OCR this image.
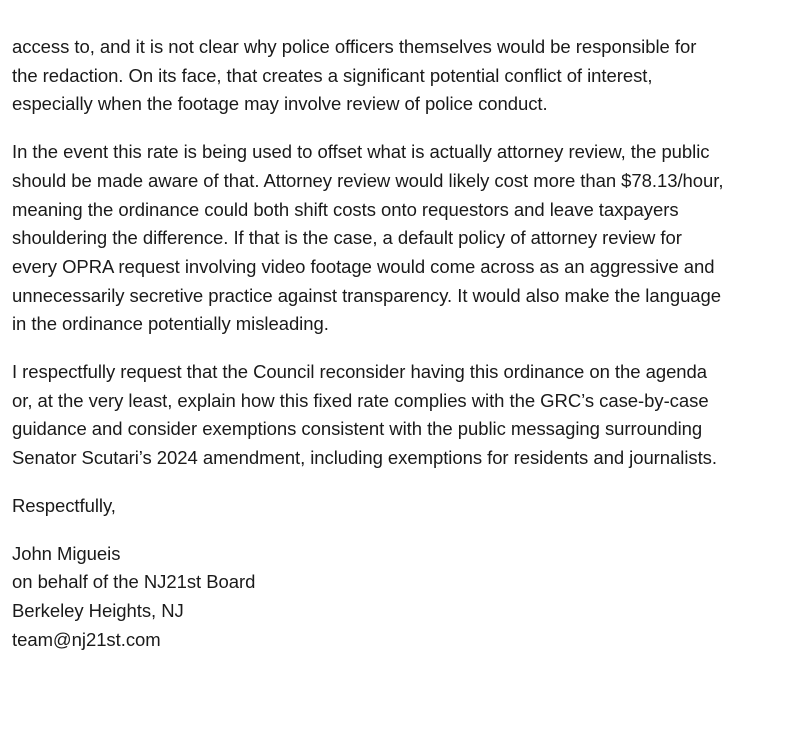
access to, and it is not clear why police officers themselves would be responsible for
the redaction. On its face, that creates a significant potential conflict of interest,
especially when the footage may involve review of police conduct.

In the event this rate is being used to offset what is actually attorney review, the public
should be made aware of that. Attorney review would likely cost more than $78.13/hour,
meaning the ordinance could both shift costs onto requestors and leave taxpayers
shouldering the difference. If that is the case, a default policy of attorney review for
every OPRA request involving video footage would come across as an aggressive and
unnecessarily secretive practice against transparency. It would also make the language
in the ordinance potentially misleading.

I respectfully request that the Council reconsider having this ordinance on the agenda
or, at the very least, explain how this fixed rate complies with the GRC’s case-by-case
guidance and consider exemptions consistent with the public messaging surrounding
Senator Scutari’s 2024 amendment, including exemptions for residents and journalists.

Respectfully,

John Migueis
on behalf of the NJ21st Board
Berkeley Heights, NJ
team@nj21st.com
